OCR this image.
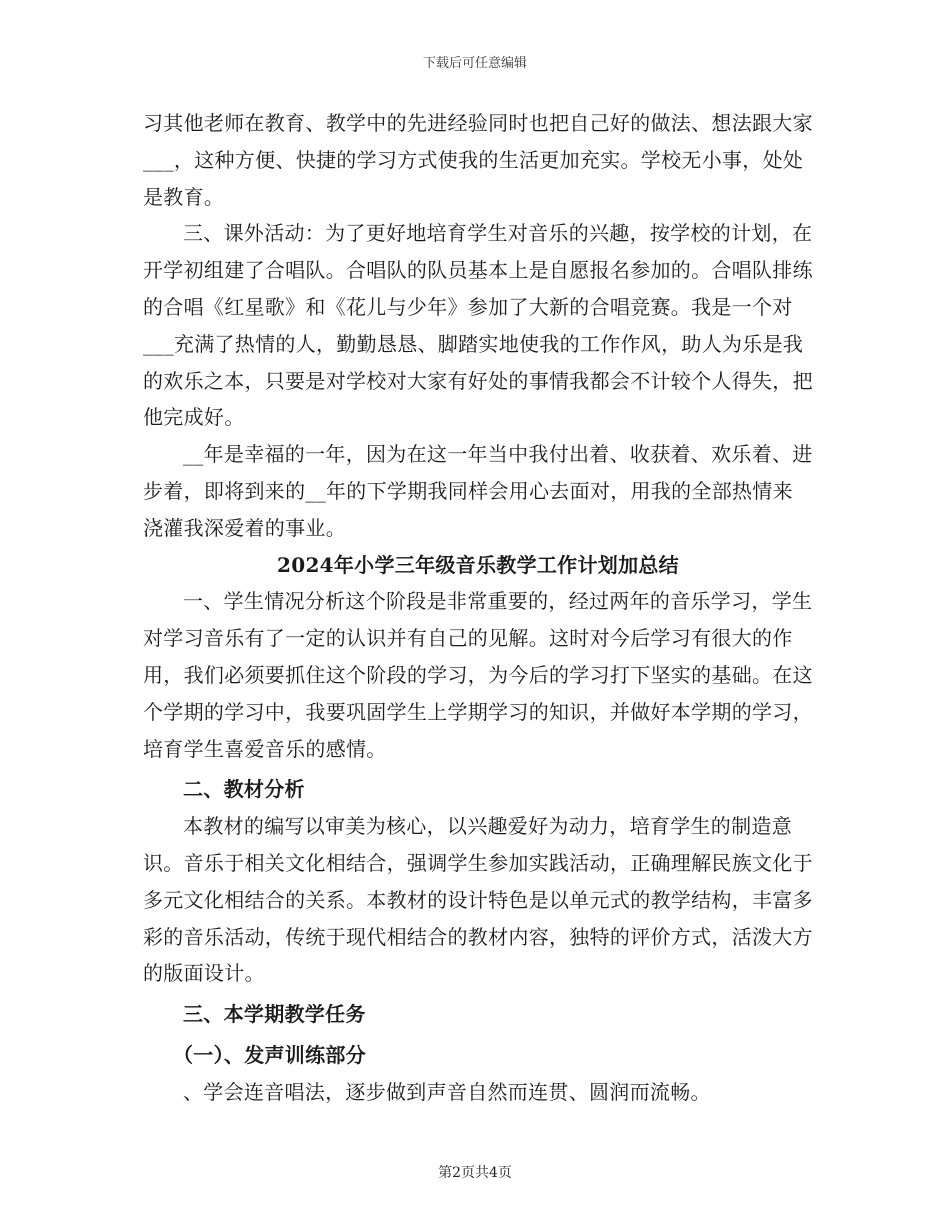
下载后可任意编辑

习其他老师在教育、教学中的先进经验同时也把自己好的做法、想法跟大家___，这种方便、快捷的学习方式使我的生活更加充实。学校无小事，处处是教育。

三、课外活动：为了更好地培育学生对音乐的兴趣，按学校的计划，在开学初组建了合唱队。合唱队的队员基本上是自愿报名参加的。合唱队排练的合唱《红星歌》和《花儿与少年》参加了大新的合唱竞赛。我是一个对___充满了热情的人，勤勤恳恳、脚踏实地使我的工作作风，助人为乐是我的欢乐之本，只要是对学校对大家有好处的事情我都会不计较个人得失，把他完成好。

__年是幸福的一年，因为在这一年当中我付出着、收获着、欢乐着、进步着，即将到来的__年的下学期我同样会用心去面对，用我的全部热情来浇灌我深爱着的事业。

2024年小学三年级音乐教学工作计划加总结

一、学生情况分析这个阶段是非常重要的，经过两年的音乐学习，学生对学习音乐有了一定的认识并有自己的见解。这时对今后学习有很大的作用，我们必须要抓住这个阶段的学习，为今后的学习打下坚实的基础。在这个学期的学习中，我要巩固学生上学期学习的知识，并做好本学期的学习，培育学生喜爱音乐的感情。

二、教材分析

本教材的编写以审美为核心，以兴趣爱好为动力，培育学生的制造意识。音乐于相关文化相结合，强调学生参加实践活动，正确理解民族文化于多元文化相结合的关系。本教材的设计特色是以单元式的教学结构，丰富多彩的音乐活动，传统于现代相结合的教材内容，独特的评价方式，活泼大方的版面设计。

三、本学期教学任务

（一）、发声训练部分

、学会连音唱法，逐步做到声音自然而连贯、圆润而流畅。

第2页共4页
